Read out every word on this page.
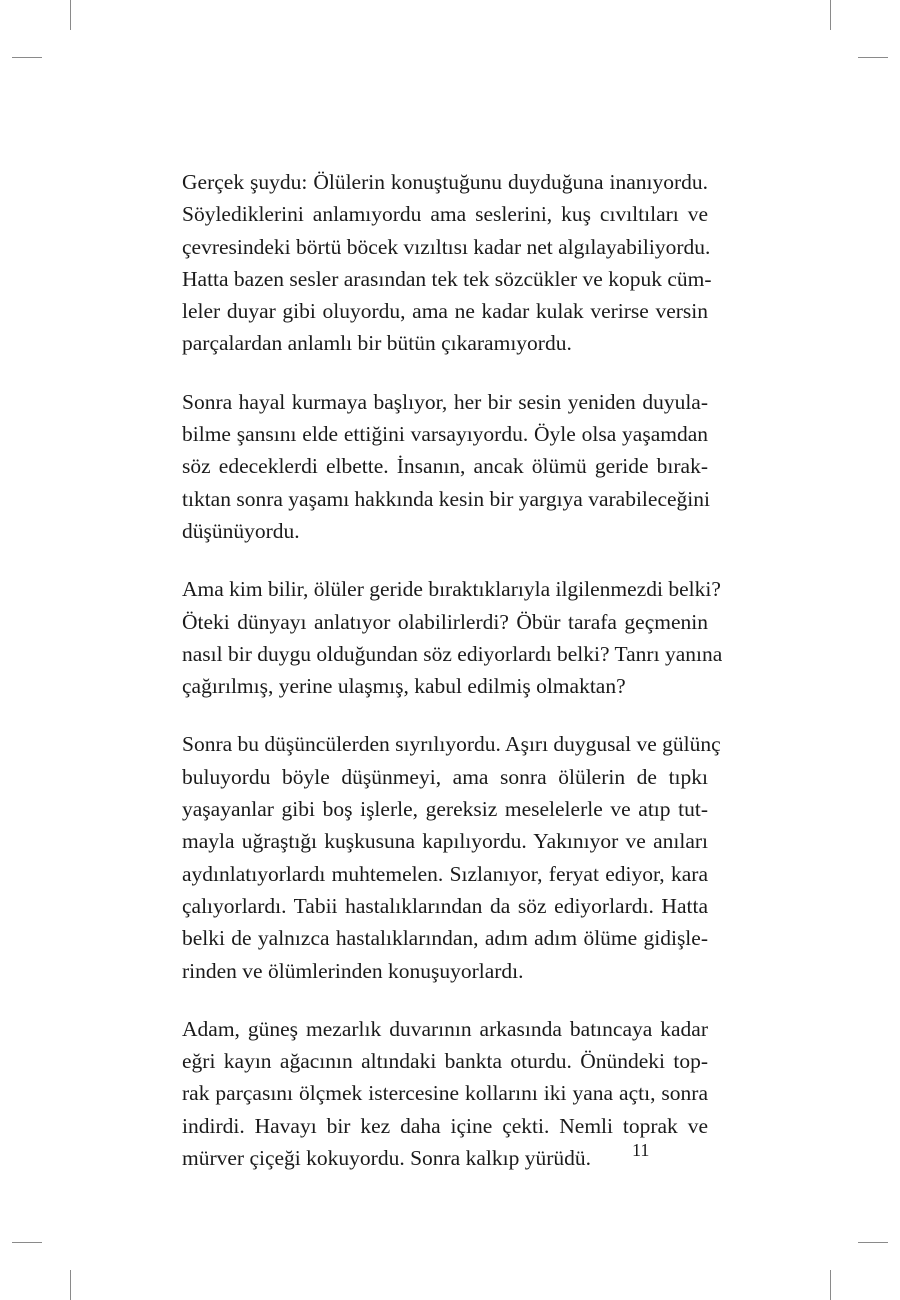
Gerçek şuydu: Ölülerin konuştuğunu duyduğuna inanıyordu.
Söylediklerini anlamıyordu ama seslerini, kuş cıvıltıları ve
çevresindeki börtü böcek vızıltısı kadar net algılayabiliyordu.
Hatta bazen sesler arasından tek tek sözcükler ve kopuk cüm-
leler duyar gibi oluyordu, ama ne kadar kulak verirse versin
parçalardan anlamlı bir bütün çıkaramıyordu.

Sonra hayal kurmaya başlıyor, her bir sesin yeniden duyula-
bilme şansını elde ettiğini varsayıyordu. Öyle olsa yaşamdan
söz edeceklerdi elbette. İnsanın, ancak ölümü geride bırak-
tıktan sonra yaşamı hakkında kesin bir yargıya varabileceğini
düşünüyordu.

Ama kim bilir, ölüler geride bıraktıklarıyla ilgilenmezdi belki?
Öteki dünyayı anlatıyor olabilirlerdi? Öbür tarafa geçmenin
nasıl bir duygu olduğundan söz ediyorlardı belki? Tanrı yanına
çağırılmış, yerine ulaşmış, kabul edilmiş olmaktan?

Sonra bu düşüncülerden sıyrılıyordu. Aşırı duygusal ve gülünç
buluyordu böyle düşünmeyi, ama sonra ölülerin de tıpkı
yaşayanlar gibi boş işlerle, gereksiz meselelerle ve atıp tut-
mayla uğraştığı kuşkusuna kapılıyordu. Yakınıyor ve anıları
aydınlatıyorlardı muhtemelen. Sızlanıyor, feryat ediyor, kara
çalıyorlardı. Tabii hastalıklarından da söz ediyorlardı. Hatta
belki de yalnızca hastalıklarından, adım adım ölüme gidişle-
rinden ve ölümlerinden konuşuyorlardı.

Adam, güneş mezarlık duvarının arkasında batıncaya kadar
eğri kayın ağacının altındaki bankta oturdu. Önündeki top-
rak parçasını ölçmek istercesine kollarını iki yana açtı, sonra
indirdi. Havayı bir kez daha içine çekti. Nemli toprak ve
mürver çiçeği kokuyordu. Sonra kalkıp yürüdü.	11
